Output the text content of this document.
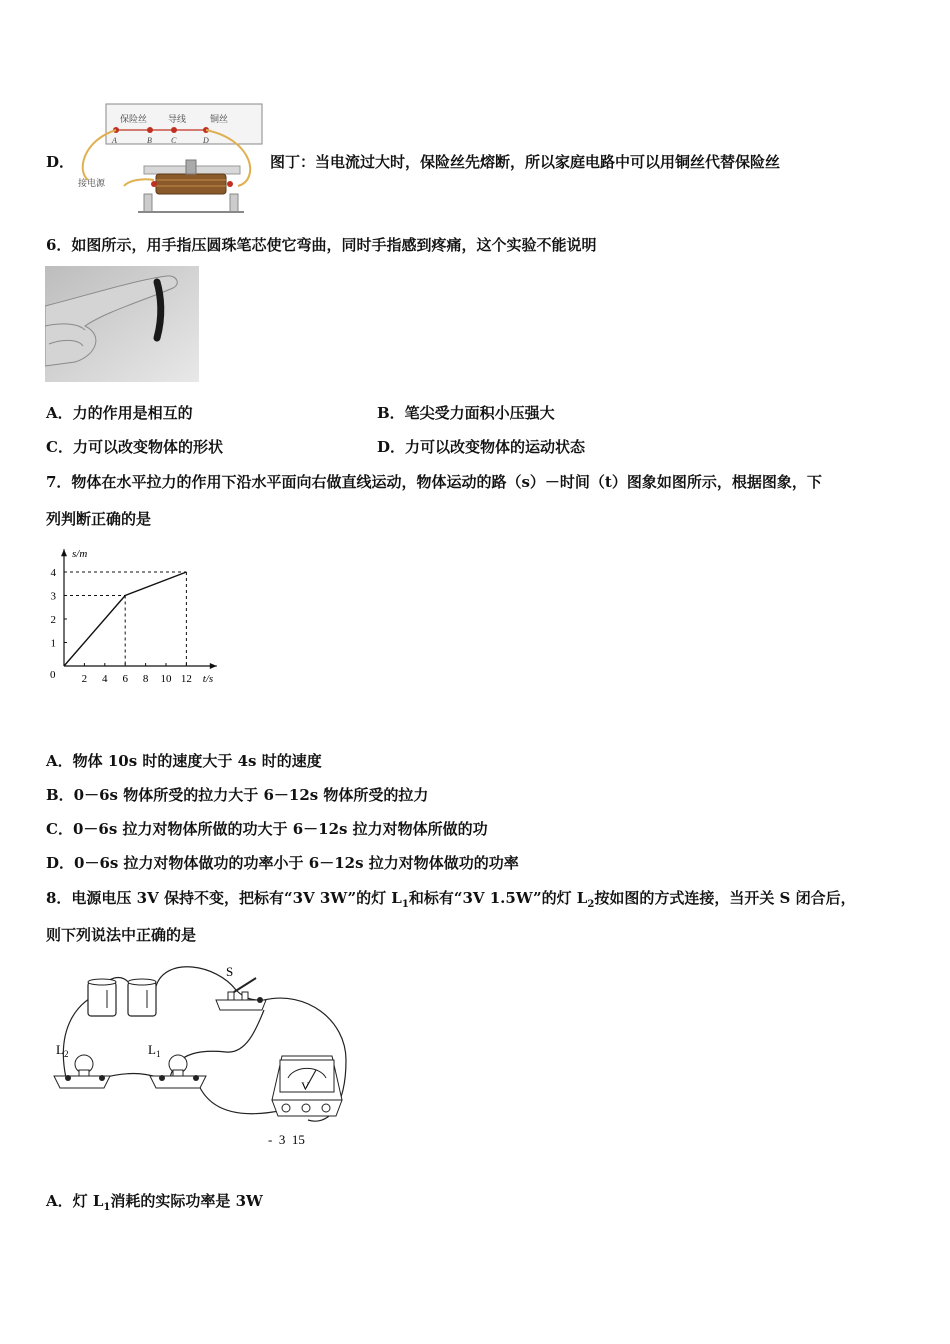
D．
保险丝 导线	铜丝
A	B C	D
接电源
图丁：当电流过大时，保险丝先熔断，所以家庭电路中可以用铜丝代替保险丝
6．如图所示，用手指压圆珠笔芯使它弯曲，同时手指感到疼痛，这个实验不能说明
A．力的作用是相互的	B．笔尖受力面积小压强大
C．力可以改变物体的形状	D．力可以改变物体的运动状态
7．物体在水平拉力的作用下沿水平面向右做直线运动，物体运动的路（s）－时间（t）图象如图所示，根据图象，下
列判断正确的是
s/m
t/s
0 2 4 6 8 10 12
1
2
3
4
A．物体 10s 时的速度大于 4s 时的速度
B．0－6s 物体所受的拉力大于 6－12s 物体所受的拉力
C．0－6s 拉力对物体所做的功大于 6－12s 拉力对物体所做的功
D．0－6s 拉力对物体做功的功率小于 6－12s 拉力对物体做功的功率
8．电源电压 3V 保持不变，把标有“3V 3W”的灯 $L_1$和标有“3V 1.5W”的灯 $L_2$按如图的方式连接，当开关 S 闭合后，
则下列说法中正确的是
S
$L_2$	$L_1$
V
-  3  15
A．灯 $L_1$消耗的实际功率是 3W
